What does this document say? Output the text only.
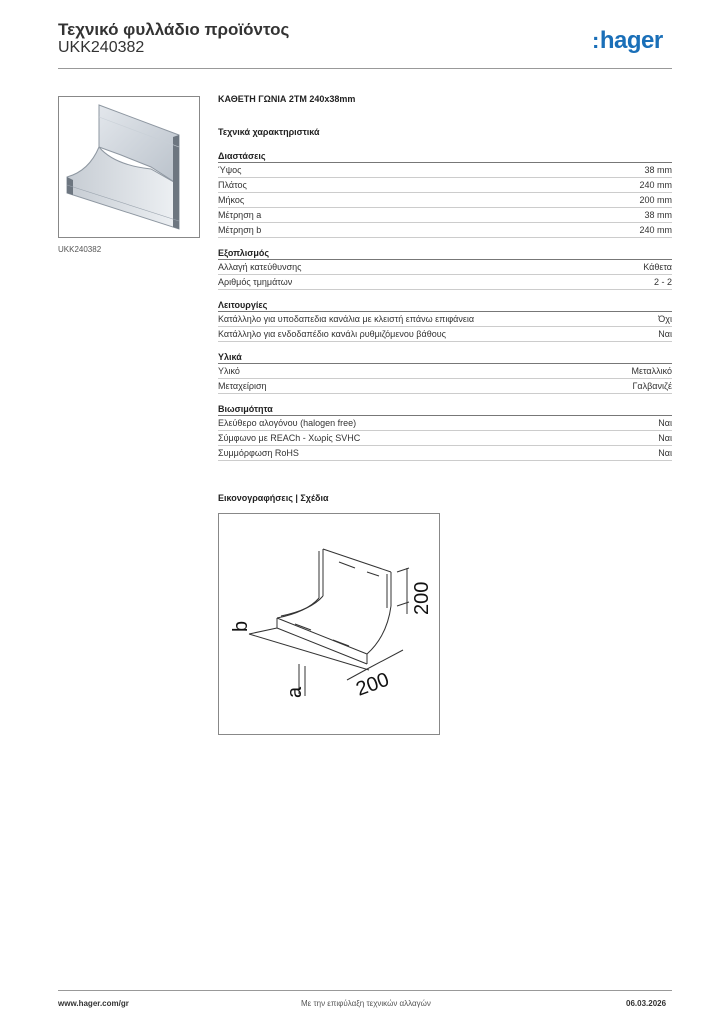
Τεχνικό φυλλάδιο προϊόντος
UKK240382	:hager
UKK240382
ΚΑΘΕΤΗ ΓΩΝΙΑ 2ΤΜ 240x38mm
Τεχνικά χαρακτηριστικά
Διαστάσεις
Ύψος	38 mm
Πλάτος	240 mm
Μήκος	200 mm
Μέτρηση a	38 mm
Μέτρηση b	240 mm
Εξοπλισμός
Αλλαγή κατεύθυνσης	Κάθετα
Αριθμός τμημάτων	2 - 2
Λειτουργίες
Κατάλληλο για υποδαπεδια κανάλια με κλειστή επάνω επιφάνεια	Όχι
Κατάλληλο για ενδοδαπέδιο κανάλι ρυθμιζόμενου βάθους	Ναι
Υλικά
Υλικό	Μεταλλικό
Μεταχείριση	Γαλβανιζέ
Βιωσιμότητα
Ελεύθερο αλογόνου (halogen free)	Ναι
Σύμφωνο με REACh - Χωρίς SVHC	Ναι
Συμμόρφωση RoHS	Ναι
Εικονογραφήσεις | Σχέδια
200
200
b
a
www.hager.com/gr	Με την επιφύλαξη τεχνικών αλλαγών	06.03.2026
